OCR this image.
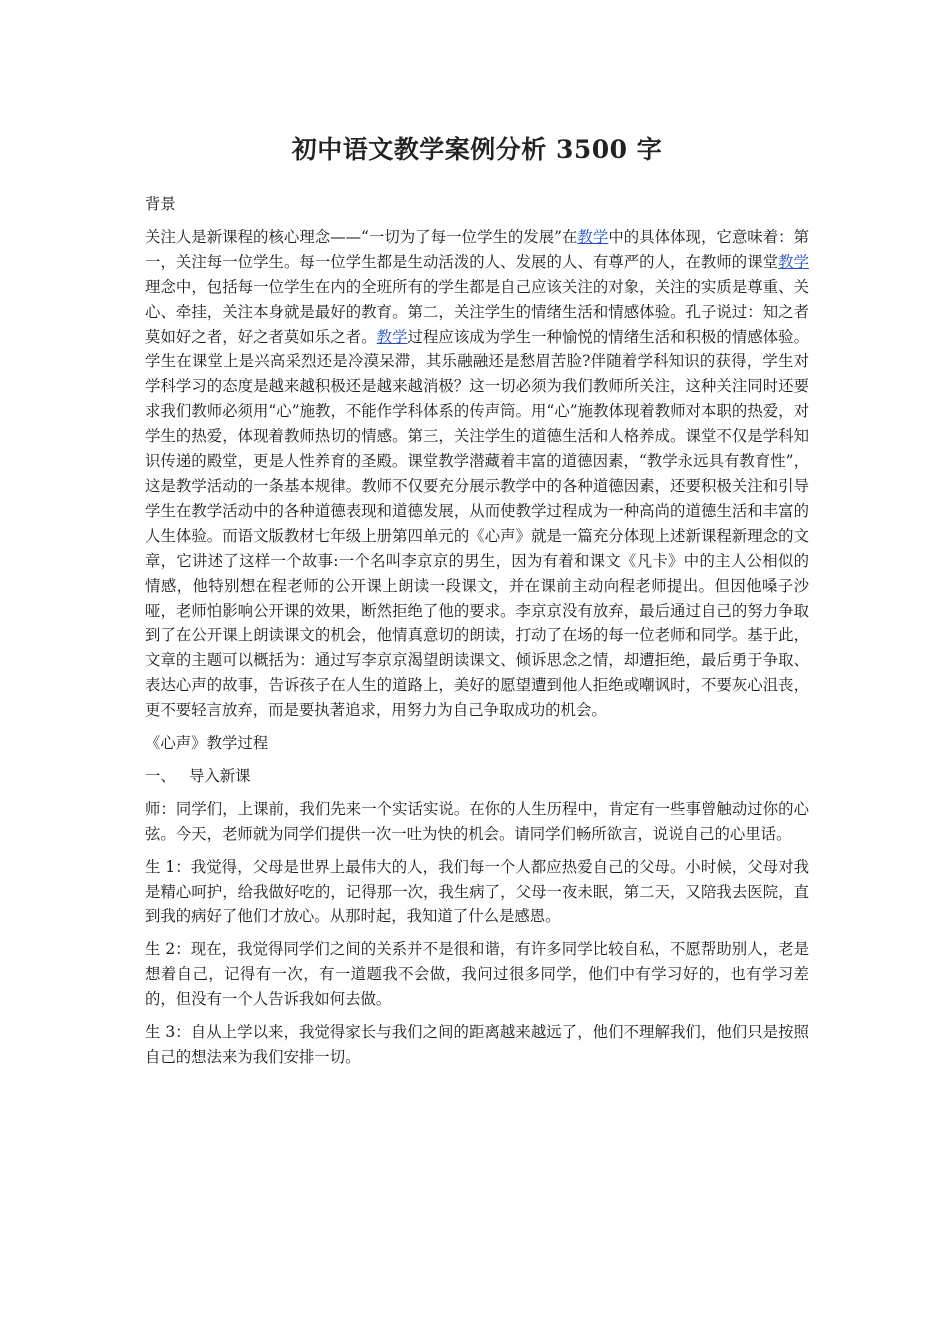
初中语文教学案例分析 3500 字
背景

关注人是新课程的核心理念——“一切为了每一位学生的发展”在教学中的具体体现，它意味着：第一，关注每一位学生。每一位学生都是生动活泼的人、发展的人、有尊严的人，在教师的课堂教学理念中，包括每一位学生在内的全班所有的学生都是自己应该关注的对象，关注的实质是尊重、关心、牵挂，关注本身就是最好的教育。第二，关注学生的情绪生活和情感体验。孔子说过：知之者莫如好之者，好之者莫如乐之者。教学过程应该成为学生一种愉悦的情绪生活和积极的情感体验。学生在课堂上是兴高采烈还是冷漠呆滞，其乐融融还是愁眉苦脸?伴随着学科知识的获得，学生对学科学习的态度是越来越积极还是越来越消极？这一切必须为我们教师所关注，这种关注同时还要求我们教师必须用“心”施教，不能作学科体系的传声筒。用“心”施教体现着教师对本职的热爱，对学生的热爱，体现着教师热切的情感。第三，关注学生的道德生活和人格养成。课堂不仅是学科知识传递的殿堂，更是人性养育的圣殿。课堂教学潜藏着丰富的道德因素，“教学永远具有教育性”，这是教学活动的一条基本规律。教师不仅要充分展示教学中的各种道德因素，还要积极关注和引导学生在教学活动中的各种道德表现和道德发展，从而使教学过程成为一种高尚的道德生活和丰富的人生体验。而语文版教材七年级上册第四单元的《心声》就是一篇充分体现上述新课程新理念的文章，它讲述了这样一个故事:一个名叫李京京的男生，因为有着和课文《凡卡》中的主人公相似的情感，他特别想在程老师的公开课上朗读一段课文，并在课前主动向程老师提出。但因他嗓子沙哑，老师怕影响公开课的效果，断然拒绝了他的要求。李京京没有放弃，最后通过自己的努力争取到了在公开课上朗读课文的机会，他情真意切的朗读，打动了在场的每一位老师和同学。基于此，文章的主题可以概括为：通过写李京京渴望朗读课文、倾诉思念之情，却遭拒绝，最后勇于争取、表达心声的故事，告诉孩子在人生的道路上，美好的愿望遭到他人拒绝或嘲讽时，不要灰心沮丧，更不要轻言放弃，而是要执著追求，用努力为自己争取成功的机会。

《心声》教学过程
一、 导入新课

师：同学们，上课前，我们先来一个实话实说。在你的人生历程中，肯定有一些事曾触动过你的心弦。今天，老师就为同学们提供一次一吐为快的机会。请同学们畅所欲言，说说自己的心里话。

生 1：我觉得，父母是世界上最伟大的人，我们每一个人都应热爱自己的父母。小时候，父母对我是精心呵护，给我做好吃的，记得那一次，我生病了，父母一夜未眠，第二天，又陪我去医院，直到我的病好了他们才放心。从那时起，我知道了什么是感恩。

生 2：现在，我觉得同学们之间的关系并不是很和谐，有许多同学比较自私，不愿帮助别人，老是想着自己，记得有一次，有一道题我不会做，我问过很多同学，他们中有学习好的，也有学习差的，但没有一个人告诉我如何去做。

生 3：自从上学以来，我觉得家长与我们之间的距离越来越远了，他们不理解我们，他们只是按照自己的想法来为我们安排一切。
